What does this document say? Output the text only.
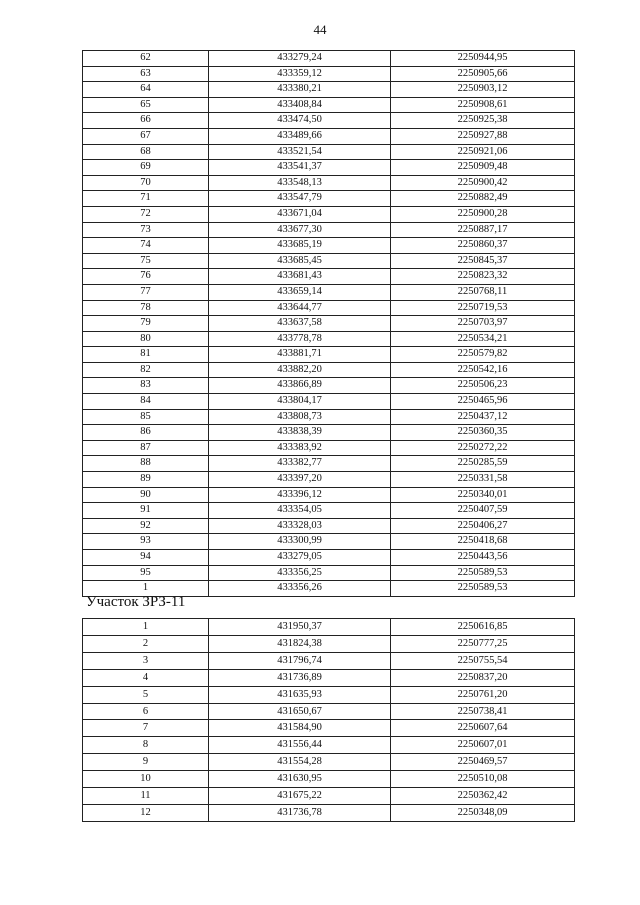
44
62	433279,24	2250944,95
63	433359,12	2250905,66
64	433380,21	2250903,12
65	433408,84	2250908,61
66	433474,50	2250925,38
67	433489,66	2250927,88
68	433521,54	2250921,06
69	433541,37	2250909,48
70	433548,13	2250900,42
71	433547,79	2250882,49
72	433671,04	2250900,28
73	433677,30	2250887,17
74	433685,19	2250860,37
75	433685,45	2250845,37
76	433681,43	2250823,32
77	433659,14	2250768,11
78	433644,77	2250719,53
79	433637,58	2250703,97
80	433778,78	2250534,21
81	433881,71	2250579,82
82	433882,20	2250542,16
83	433866,89	2250506,23
84	433804,17	2250465,96
85	433808,73	2250437,12
86	433838,39	2250360,35
87	433383,92	2250272,22
88	433382,77	2250285,59
89	433397,20	2250331,58
90	433396,12	2250340,01
91	433354,05	2250407,59
92	433328,03	2250406,27
93	433300,99	2250418,68
94	433279,05	2250443,56
95	433356,25	2250589,53
1	433356,26	2250589,53
Участок ЗРЗ-11
1	431950,37	2250616,85
2	431824,38	2250777,25
3	431796,74	2250755,54
4	431736,89	2250837,20
5	431635,93	2250761,20
6	431650,67	2250738,41
7	431584,90	2250607,64
8	431556,44	2250607,01
9	431554,28	2250469,57
10	431630,95	2250510,08
11	431675,22	2250362,42
12	431736,78	2250348,09
